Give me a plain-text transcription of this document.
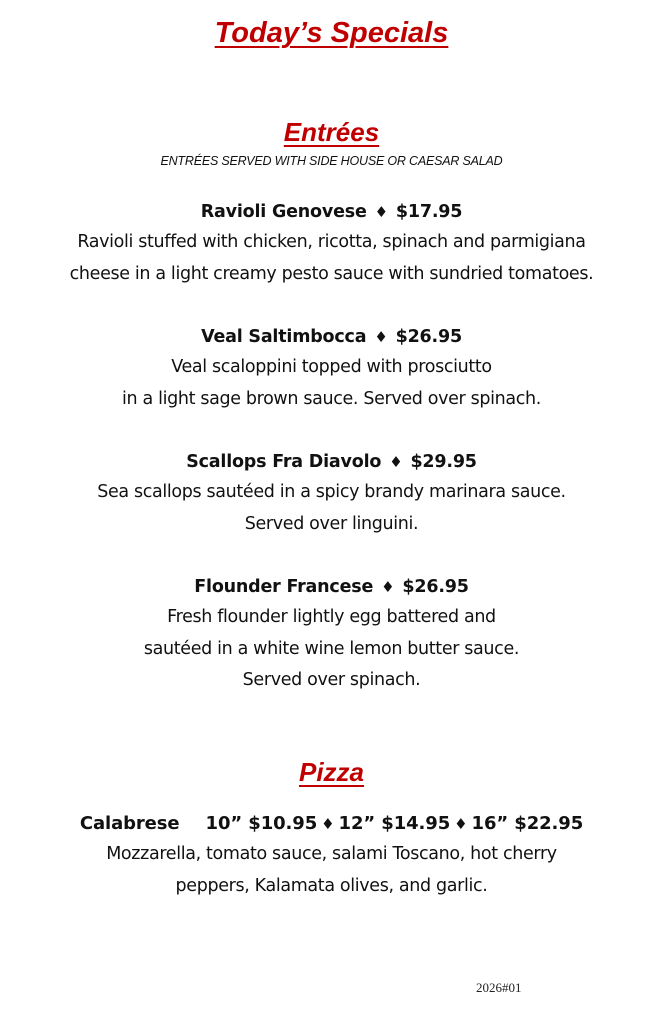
Today’s Specials
Entrées

ENTRÉES SERVED WITH SIDE HOUSE OR CAESAR SALAD

Ravioli Genovese ♦ $17.95

Ravioli stuffed with chicken, ricotta, spinach and parmigiana

cheese in a light creamy pesto sauce with sundried tomatoes.

Veal Saltimbocca ♦ $26.95

Veal scaloppini topped with prosciutto

in a light sage brown sauce. Served over spinach.

Scallops Fra Diavolo ♦ $29.95

Sea scallops sautéed in a spicy brandy marinara sauce.

Served over linguini.

Flounder Francese ♦ $26.95

Fresh flounder lightly egg battered and

sautéed in a white wine lemon butter sauce.

Served over spinach.

Pizza

Calabrese 10” $10.95 ♦ 12” $14.95 ♦ 16” $22.95

Mozzarella, tomato sauce, salami Toscano, hot cherry

peppers, Kalamata olives, and garlic.

2026#01
